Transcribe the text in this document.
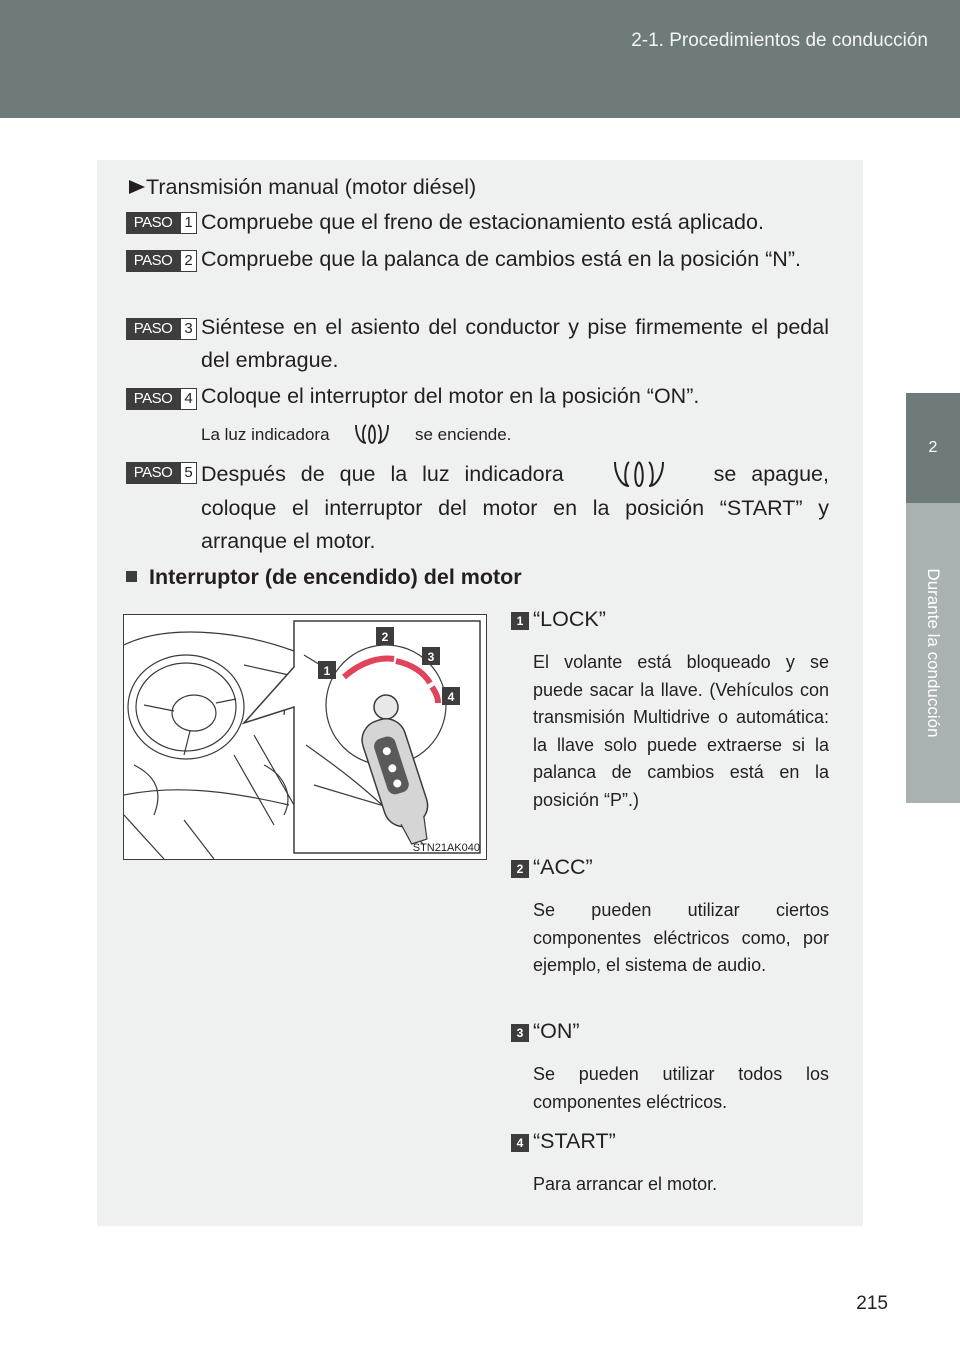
2-1. Procedimientos de conducción
2
Durante la conducción
Transmisión manual (motor diésel)
PASO 1 Compruebe que el freno de estacionamiento está aplicado.
PASO 2 Compruebe que la palanca de cambios está en la posición “N”.
PASO 3 Siéntese en el asiento del conductor y pise firmemente el pedal del embrague.
PASO 4 Coloque el interruptor del motor en la posición “ON”.
La luz indicadora	se enciende.
PASO 5 Después de que la luz indicadora	se apague, coloque el interruptor del motor en la posición “START” y arranque el motor.
Interruptor (de encendido) del motor
1
2
3
4
STN21AK040
1 “LOCK”
El volante está bloqueado y se puede sacar la llave. (Vehículos con transmisión Multidrive o automática: la llave solo puede extraerse si la palanca de cambios está en la posición “P”.)
2 “ACC”
Se pueden utilizar ciertos componentes eléctricos como, por ejemplo, el sistema de audio.
3 “ON”
Se pueden utilizar todos los componentes eléctricos.
4 “START”
Para arrancar el motor.
215
